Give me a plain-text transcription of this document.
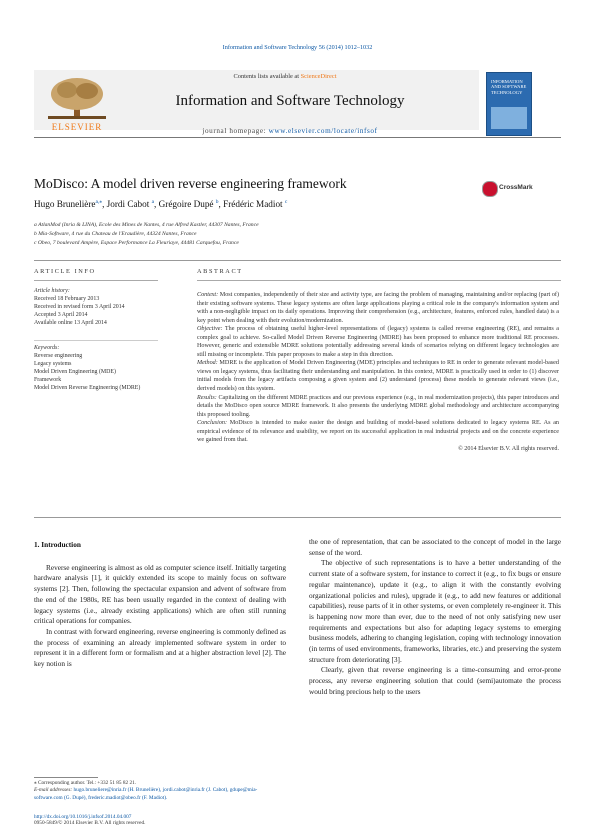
Information and Software Technology 56 (2014) 1012–1032
ELSEVIER
Contents lists available at ScienceDirect
Information and Software Technology
journal homepage: www.elsevier.com/locate/infsof
INFORMATION AND SOFTWARE TECHNOLOGY
MoDisco: A model driven reverse engineering framework	CrossMark
Hugo Brunelière$^{a,⁎}$, Jordi Cabot $^a$, Grégoire Dupé $^b$, Frédéric Madiot $^c$
a AtlanMod (Inria & LINA), Ecole des Mines de Nantes, 4 rue Alfred Kastler, 44307 Nantes, France
b Mia-Software, 4 rue du Chateau de l'Eraudière, 44324 Nantes, France
c Obeo, 7 boulevard Ampère, Espace Performance La Fleuriaye, 44481 Carquefou, France
ARTICLE INFO	ABSTRACT
Article history:
Received 18 February 2013
Received in revised form 3 April 2014
Accepted 3 April 2014
Available online 13 April 2014
Keywords:
Reverse engineering
Legacy systems
Model Driven Engineering (MDE)
Framework
Model Driven Reverse Engineering (MDRE)
Context: Most companies, independently of their size and activity type, are facing the problem of managing, maintaining and/or replacing (part of) their existing software systems. These legacy systems are often large applications playing a critical role in the company's information system and with a non-negligible impact on its daily operations. Improving their comprehension (e.g., architecture, features, enforced rules, handled data) is a key point when dealing with their evolution/modernization.
Objective: The process of obtaining useful higher-level representations of (legacy) systems is called reverse engineering (RE), and remains a complex goal to achieve. So-called Model Driven Reverse Engineering (MDRE) has been proposed to enhance more traditional RE processes. However, generic and extensible MDRE solutions potentially addressing several kinds of scenarios relying on different legacy technologies are still missing or incomplete. This paper proposes to make a step in this direction.
Method: MDRE is the application of Model Driven Engineering (MDE) principles and techniques to RE in order to generate relevant model-based views on legacy systems, thus facilitating their understanding and manipulation. In this context, MDRE is practically used in order to (1) discover initial models from the legacy artifacts composing a given system and (2) understand (process) these models to generate relevant views (i.e., derived models) on this system.
Results: Capitalizing on the different MDRE practices and our previous experience (e.g., in real modernization projects), this paper introduces and details the MoDisco open source MDRE framework. It also presents the underlying MDRE global methodology and architecture accompanying this proposed tooling.
Conclusion: MoDisco is intended to make easier the design and building of model-based solutions dedicated to legacy systems RE. As an empirical evidence of its relevance and usability, we report on its successful application in real industrial projects and on the concrete experience we gained from that.
© 2014 Elsevier B.V. All rights reserved.
1. Introduction

Reverse engineering is almost as old as computer science itself. Initially targeting hardware analysis [1], it quickly extended its scope to mainly focus on software systems [2]. Then, following the spectacular expansion and advent of software from the end of the 1980s, RE has been usually regarded in the context of dealing with legacy systems (i.e., already existing applications) which are often still running critical operations for companies.

In contrast with forward engineering, reverse engineering is commonly defined as the process of examining an already implemented software system in order to represent it in a different form or formalism and at a higher abstraction level [2]. The key notion is

the one of representation, that can be associated to the concept of model in the large sense of the word.

The objective of such representations is to have a better understanding of the current state of a software system, for instance to correct it (e.g., to fix bugs or ensure regular maintenance), update it (e.g., to align it with the constantly evolving organizational policies and rules), upgrade it (e.g., to add new features or additional capabilities), reuse parts of it in other systems, or even completely re-engineer it. This is happening now more than ever, due to the need of not only satisfying new user requirements and expectations but also for adapting legacy systems to emerging business models, adhering to changing legislation, coping with technology innovation (in terms of used environments, frameworks, libraries, etc.) and preserving the system structure from deteriorating [3].

Clearly, given that reverse engineering is a time-consuming and error-prone process, any reverse engineering solution that could (semi)automate the process would bring precious help to the users

⁎ Corresponding author. Tel.: +332 51 85 82 21.
E-mail addresses: hugo.bruneliere@inria.fr (H. Brunelière), jordi.cabot@inria.fr (J. Cabot), gdupe@mia-software.com (G. Dupé), frederic.madiot@obeo.fr (F. Madiot).
http://dx.doi.org/10.1016/j.infsof.2014.04.007
0950-5849/© 2014 Elsevier B.V. All rights reserved.
